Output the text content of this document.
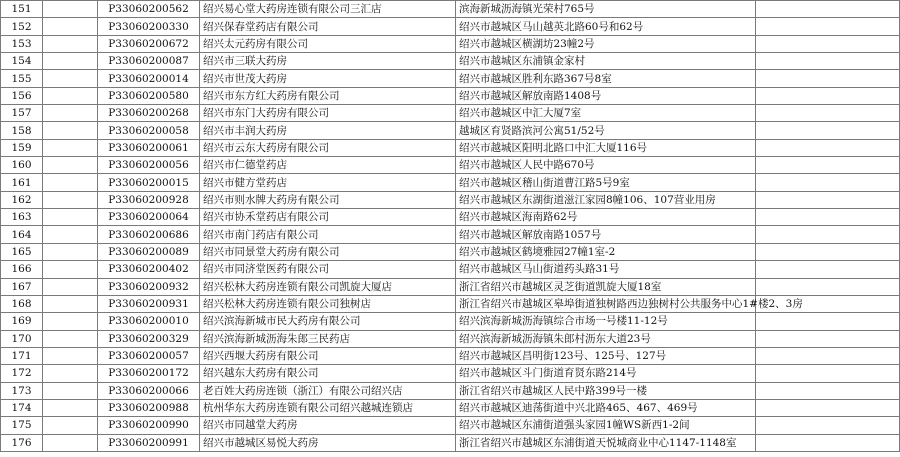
151		P33060200562	绍兴易心堂大药房连锁有限公司三汇店	滨海新城沥海镇光荣村765号	
152		P33060200330	绍兴保春堂药店有限公司	绍兴市越城区马山越英北路60号和62号	
153		P33060200672	绍兴太元药房有限公司	绍兴市越城区横湖坊23幢2号	
154		P33060200087	绍兴市三联大药房	绍兴市越城区东浦镇金家村	
155		P33060200014	绍兴市世茂大药房	绍兴市越城区胜利东路367号8室	
156		P33060200580	绍兴市东方红大药房有限公司	绍兴市越城区解放南路1408号	
157		P33060200268	绍兴市东门大药房有限公司	绍兴市越城区中汇大厦7室	
158		P33060200058	绍兴市丰润大药房	越城区育贤路滨河公寓51/52号	
159		P33060200061	绍兴市云东大药房有限公司	绍兴市越城区阳明北路口中汇大厦116号	
160		P33060200056	绍兴市仁德堂药店	绍兴市越城区人民中路670号	
161		P33060200015	绍兴市健方堂药店	绍兴市越城区稽山街道曹江路5号9室	
162		P33060200928	绍兴市则水牌大药房有限公司	绍兴市越城区东湖街道滋江家园8幢106、107营业用房	
163		P33060200064	绍兴市协禾堂药店有限公司	绍兴市越城区海南路62号	
164		P33060200686	绍兴市南门药店有限公司	绍兴市越城区解放南路1057号	
165		P33060200089	绍兴市同景堂大药房有限公司	绍兴市越城区鹤境雅园27幢1室-2	
166		P33060200402	绍兴市同济堂医药有限公司	绍兴市越城区马山街道药头路31号	
167		P33060200932	绍兴松林大药房连锁有限公司凯旋大厦店	浙江省绍兴市越城区灵芝街道凯旋大厦18室	
168		P33060200931	绍兴松林大药房连锁有限公司独树店	浙江省绍兴市越城区皋埠街道独树路西边独树村公共服务中心1#楼2、3房	
169		P33060200010	绍兴滨海新城市民大药房有限公司	绍兴滨海新城沥海镇综合市场一号楼11-12号	
170		P33060200329	绍兴滨海新城沥海朱郎三民药店	绍兴滨海新城沥海镇朱郎村沥东大道23号	
171		P33060200057	绍兴西堰大药房有限公司	绍兴市越城区昌明街123号、125号、127号	
172		P33060200172	绍兴越东大药房有限公司	绍兴市越城区斗门街道育贤东路214号	
173		P33060200066	老百姓大药房连锁（浙江）有限公司绍兴店	浙江省绍兴市越城区人民中路399号一楼	
174		P33060200988	杭州华东大药房连锁有限公司绍兴越城连锁店	绍兴市越城区迪荡街道中兴北路465、467、469号	
175		P33060200990	绍兴市同越堂大药房	绍兴市越城区东浦街道强头家园1幢WS新西1-2间	
176		P33060200991	绍兴市越城区易悦大药房	浙江省绍兴市越城区东浦街道天悦城商业中心1147-1148室	
